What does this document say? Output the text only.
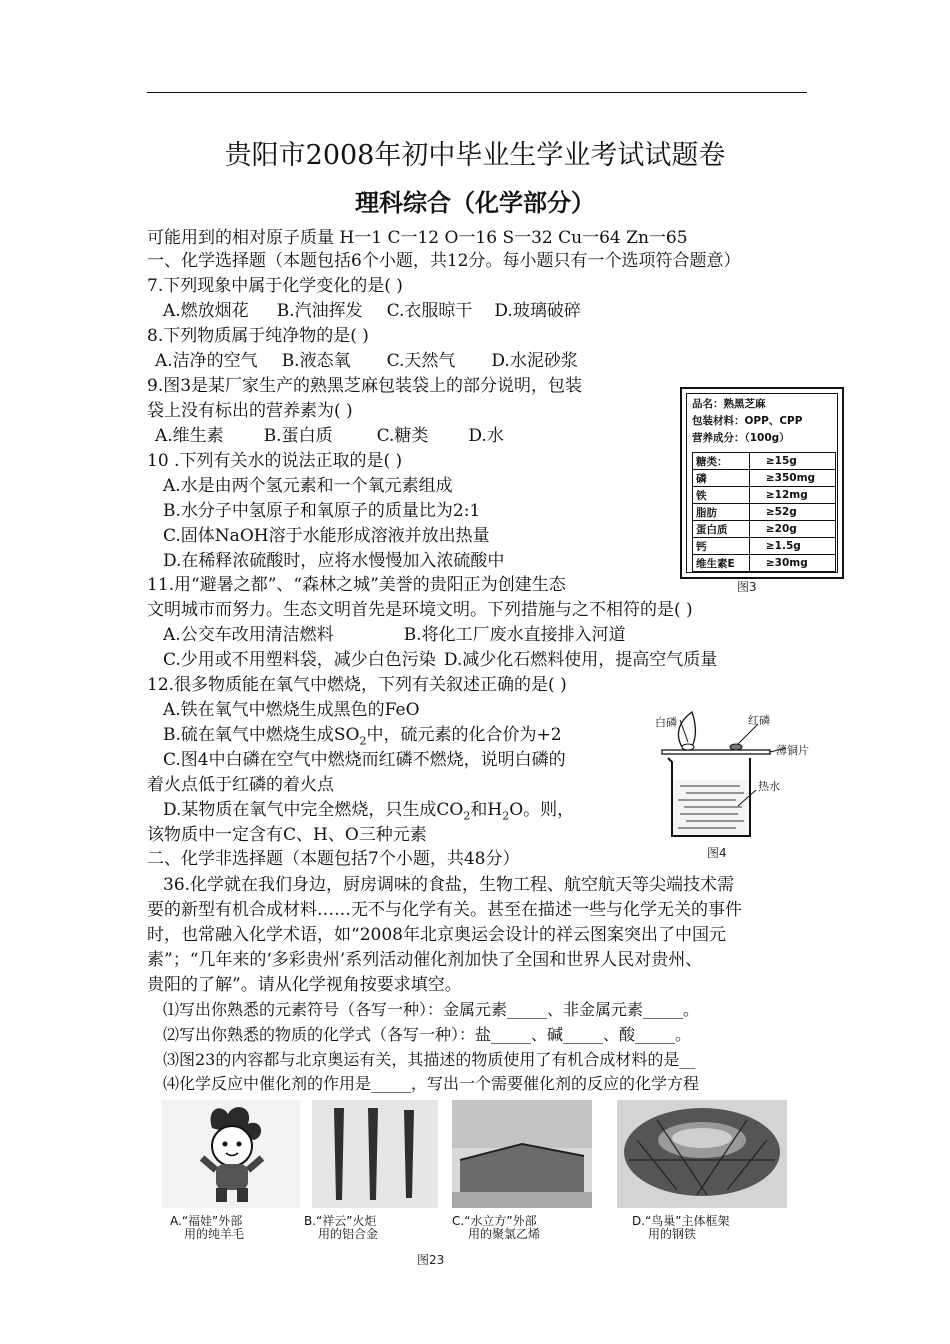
贵阳市2008年初中毕业生学业考试试题卷
理科综合（化学部分）
可能用到的相对原子质量 H一1 C一12 O一16 S一32 Cu一64 Zn一65
一、化学选择题（本题包括6个小题，共12分。每小题只有一个选项符合题意）
7.下列现象中属于化学变化的是( )
A.燃放烟花 B.汽油挥发 C.衣服晾干 D.玻璃破碎
8.下列物质属于纯净物的是( )
A.洁净的空气 B.液态氧 C.天然气 D.水泥砂浆
9.图3是某厂家生产的熟黑芝麻包装袋上的部分说明，包装
袋上没有标出的营养素为( )
A.维生素 B.蛋白质	C.糖类 D.水
10 .下列有关水的说法正取的是( )
A.水是由两个氢元素和一个氧元素组成
B.水分子中氢原子和氧原子的质量比为2:1
C.固体NaOH溶于水能形成溶液并放出热量
D.在稀释浓硫酸时，应将水慢慢加入浓硫酸中
11.用“避暑之都”、“森林之城”美誉的贵阳正为创建生态
文明城市而努力。生态文明首先是环境文明。下列措施与之不相符的是( )
A.公交车改用清洁燃料	B.将化工厂废水直接排入河道
C.少用或不用塑料袋，减少白色污染 D.减少化石燃料使用，提高空气质量
12.很多物质能在氧气中燃烧，下列有关叙述正确的是( )
A.铁在氧气中燃烧生成黑色的FeO
B.硫在氧气中燃烧生成$SO_2$中，硫元素的化合价为+2
C.图4中白磷在空气中燃烧而红磷不燃烧，说明白磷的
着火点低于红磷的着火点
D.某物质在氧气中完全燃烧，只生成$CO_2$和$H_2O$。则，
该物质中一定含有C、H、O三种元素
二、化学非选择题（本题包括7个小题，共48分）
36.化学就在我们身边，厨房调味的食盐，生物工程、航空航天等尖端技术需
要的新型有机合成材料……无不与化学有关。甚至在描述一些与化学无关的事件
时，也常融入化学术语，如“2008年北京奥运会设计的祥云图案突出了中国元
素”；“几年来的‘多彩贵州’系列活动催化剂加快了全国和世界人民对贵州、
贵阳的了解”。请从化学视角按要求填空。
⑴写出你熟悉的元素符号（各写一种）：金属元素_____、非金属元素_____。
⑵写出你熟悉的物质的化学式（各写一种）：盐_____、碱_____、酸_____。
⑶图23的内容都与北京奥运有关，其描述的物质使用了有机合成材料的是__
⑷化学反应中催化剂的作用是_____，写出一个需要催化剂的反应的化学方程
品名：熟黑芝麻
包装材料：OPP、CPP
营养成分：（100g）
糖类：	≥15g
磷	≥350mg
铁	≥12mg
脂肪	≥52g
蛋白质	≥20g
钙	≥1.5g
维生素E	≥30mg
图3
白磷	红磷
薄铜片
热水
图4
A.“福娃”外部
用的纯羊毛
B.“祥云”火炬
用的铝合金
C.“水立方”外部
用的聚氯乙烯
D.“鸟巢”主体框架
用的钢铁
图23
